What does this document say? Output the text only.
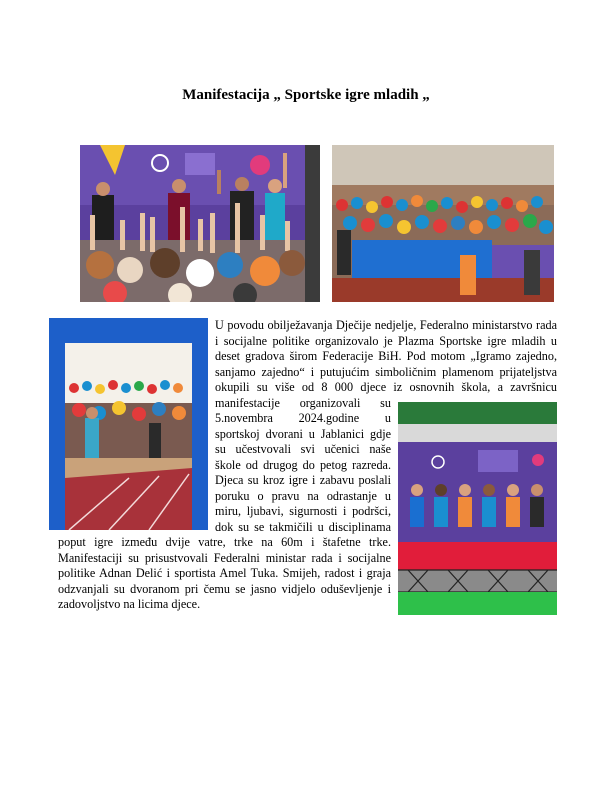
Manifestacija „ Sportske igre mladih „

U povodu obilježavanja Dječije nedjelje, Federalno ministarstvo rada

i socijalne politike organizovalo je Plazma Sportske igre mladih u

deset gradova širom Federacije BiH. Pod motom „Igramo zajedno,

sanjamo zajedno“ i putujućim simboličnim plamenom prijateljstva

okupili su više od 8 000 djece iz osnovnih škola, a završnicu

manifestacije organizovali su

5.novembra 2024.godine u

sportskoj dvorani u Jablanici gdje

su učestvovali svi učenici naše

škole od drugog do petog razreda.

Djeca su kroz igre i zabavu poslali

poruku o pravu na odrastanje u

miru, ljubavi, sigurnosti i podršci,

dok su se takmičili u disciplinama

poput igre između dvije vatre, trke na 60m i štafetne trke.

Manifestaciji su prisustvovali Federalni ministar rada i socijalne

politike Adnan Delić i sportista Amel Tuka. Smijeh, radost i graja

odzvanjali su dvoranom pri čemu se jasno vidjelo oduševljenje i

zadovoljstvo na licima djece.
